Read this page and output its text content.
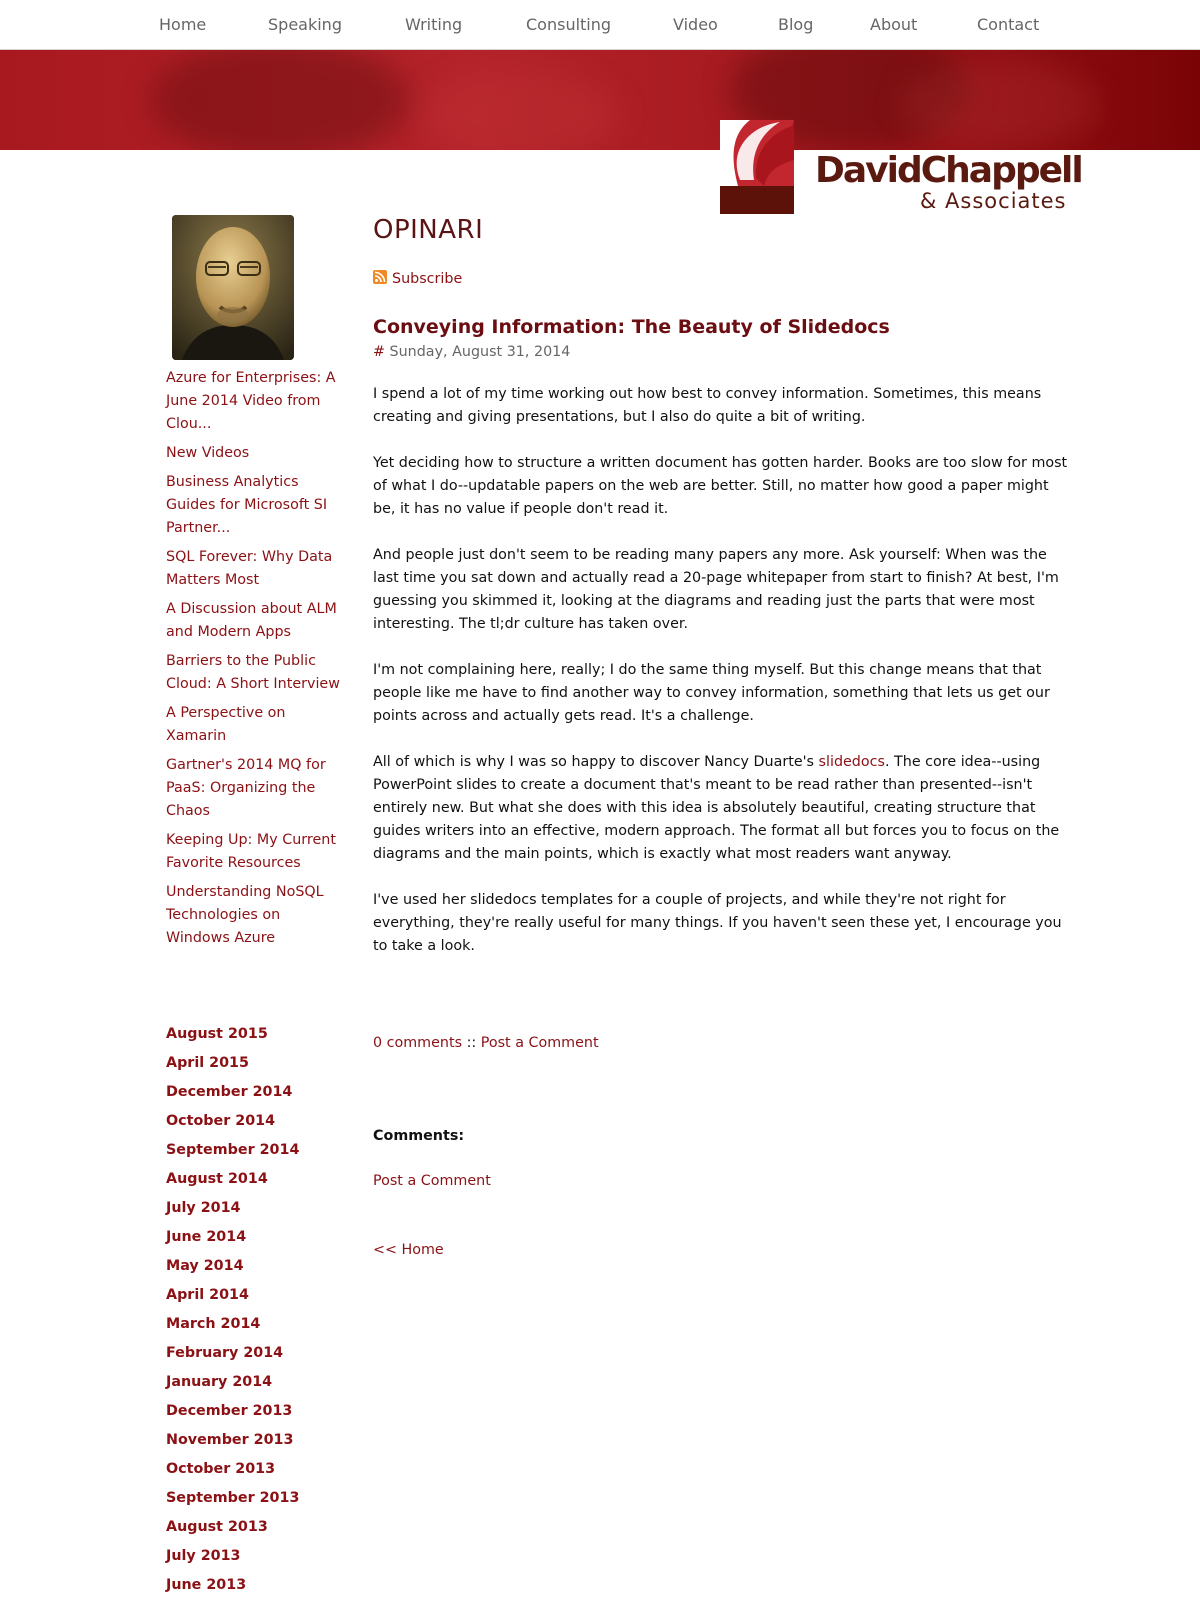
Home	Speaking	Writing	Consulting	Video	Blog	About	Contact
DavidChappell
& Associates
Azure for Enterprises: A June 2014 Video from Clou...
New Videos
Business Analytics Guides for Microsoft SI Partner...
SQL Forever: Why Data Matters Most
A Discussion about ALM and Modern Apps
Barriers to the Public Cloud: A Short Interview
A Perspective on Xamarin
Gartner's 2014 MQ for PaaS: Organizing the Chaos
Keeping Up: My Current Favorite Resources
Understanding NoSQL Technologies on Windows Azure
August 2015
April 2015
December 2014
October 2014
September 2014
August 2014
July 2014
June 2014
May 2014
April 2014
March 2014
February 2014
January 2014
December 2013
November 2013
October 2013
September 2013
August 2013
July 2013
June 2013
OPINARI
Subscribe
Conveying Information: The Beauty of Slidedocs
# Sunday, August 31, 2014

I spend a lot of my time working out how best to convey information. Sometimes, this means creating and giving presentations, but I also do quite a bit of writing.

Yet deciding how to structure a written document has gotten harder. Books are too slow for most of what I do--updatable papers on the web are better. Still, no matter how good a paper might be, it has no value if people don't read it.

And people just don't seem to be reading many papers any more. Ask yourself: When was the last time you sat down and actually read a 20-page whitepaper from start to finish? At best, I'm guessing you skimmed it, looking at the diagrams and reading just the parts that were most interesting. The tl;dr culture has taken over.

I'm not complaining here, really; I do the same thing myself. But this change means that that people like me have to find another way to convey information, something that lets us get our points across and actually gets read. It's a challenge.

All of which is why I was so happy to discover Nancy Duarte's slidedocs. The core idea--using PowerPoint slides to create a document that's meant to be read rather than presented--isn't entirely new. But what she does with this idea is absolutely beautiful, creating structure that guides writers into an effective, modern approach. The format all but forces you to focus on the diagrams and the main points, which is exactly what most readers want anyway.

I've used her slidedocs templates for a couple of projects, and while they're not right for everything, they're really useful for many things. If you haven't seen these yet, I encourage you to take a look.

0 comments :: Post a Comment
Comments:
Post a Comment
<< Home
